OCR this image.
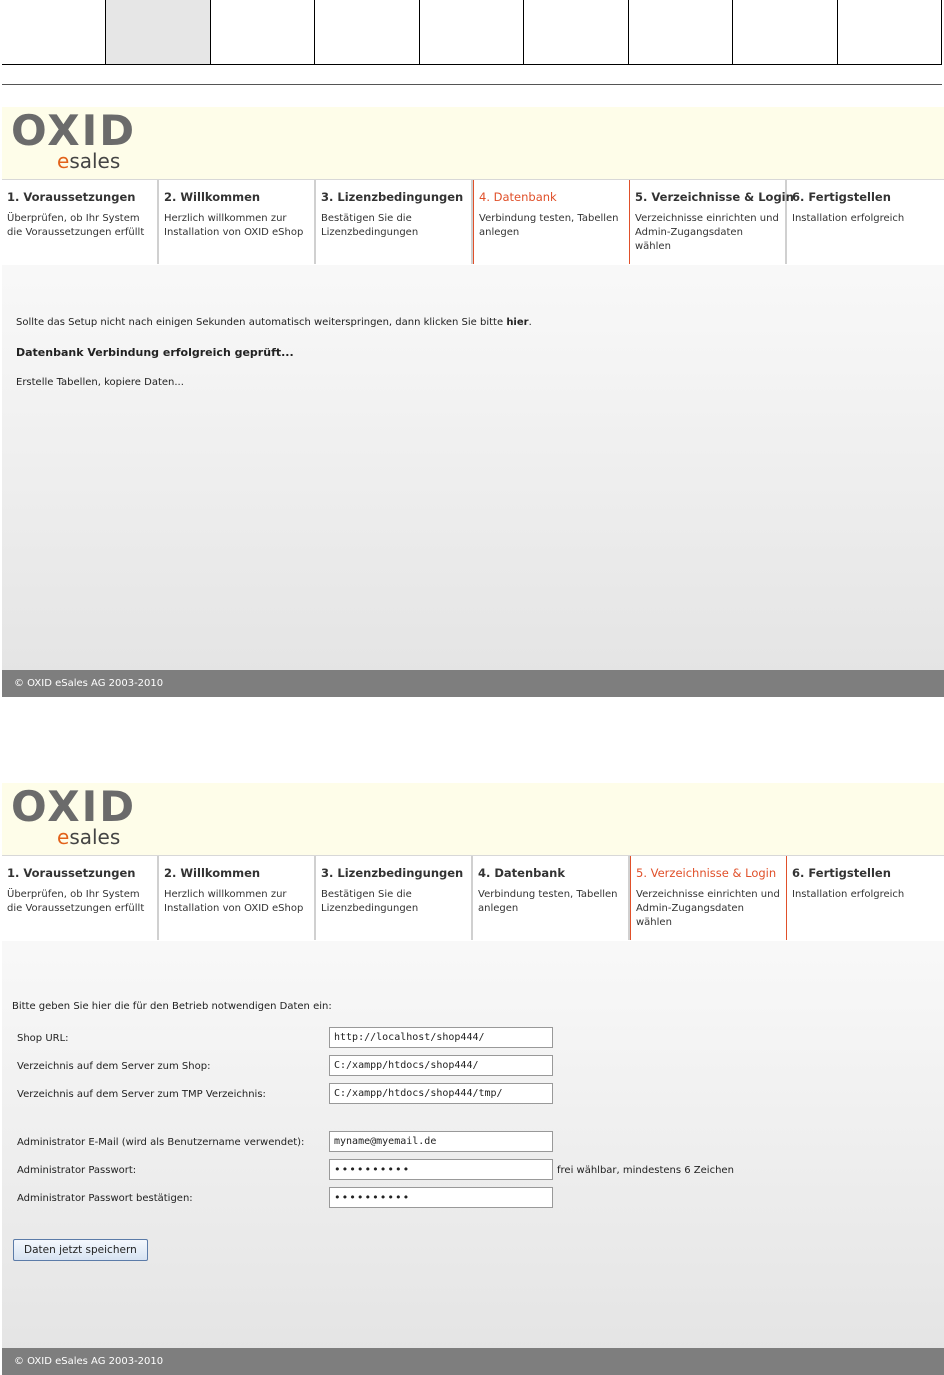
OXID
esales
1. Voraussetzungen
Überprüfen, ob Ihr System die Voraussetzungen erfüllt
2. Willkommen
Herzlich willkommen zur Installation von OXID eShop
3. Lizenzbedingungen
Bestätigen Sie die Lizenzbedingungen
4. Datenbank
Verbindung testen, Tabellen anlegen
5. Verzeichnisse & Login
Verzeichnisse einrichten und Admin-Zugangsdaten wählen
6. Fertigstellen
Installation erfolgreich
Sollte das Setup nicht nach einigen Sekunden automatisch weiterspringen, dann klicken Sie bitte hier.
Datenbank Verbindung erfolgreich geprüft...
Erstelle Tabellen, kopiere Daten...
© OXID eSales AG 2003-2010
OXID
esales
1. Voraussetzungen
Überprüfen, ob Ihr System die Voraussetzungen erfüllt
2. Willkommen
Herzlich willkommen zur Installation von OXID eShop
3. Lizenzbedingungen
Bestätigen Sie die Lizenzbedingungen
4. Datenbank
Verbindung testen, Tabellen anlegen
5. Verzeichnisse & Login
Verzeichnisse einrichten und Admin-Zugangsdaten wählen
6. Fertigstellen
Installation erfolgreich
Bitte geben Sie hier die für den Betrieb notwendigen Daten ein:
Shop URL:
http://localhost/shop444/
Verzeichnis auf dem Server zum Shop:
C:/xampp/htdocs/shop444/
Verzeichnis auf dem Server zum TMP Verzeichnis:
C:/xampp/htdocs/shop444/tmp/
Administrator E-Mail (wird als Benutzername verwendet):
myname@myemail.de
Administrator Passwort:
••••••••••	frei wählbar, mindestens 6 Zeichen
Administrator Passwort bestätigen:
••••••••••
Daten jetzt speichern
© OXID eSales AG 2003-2010
